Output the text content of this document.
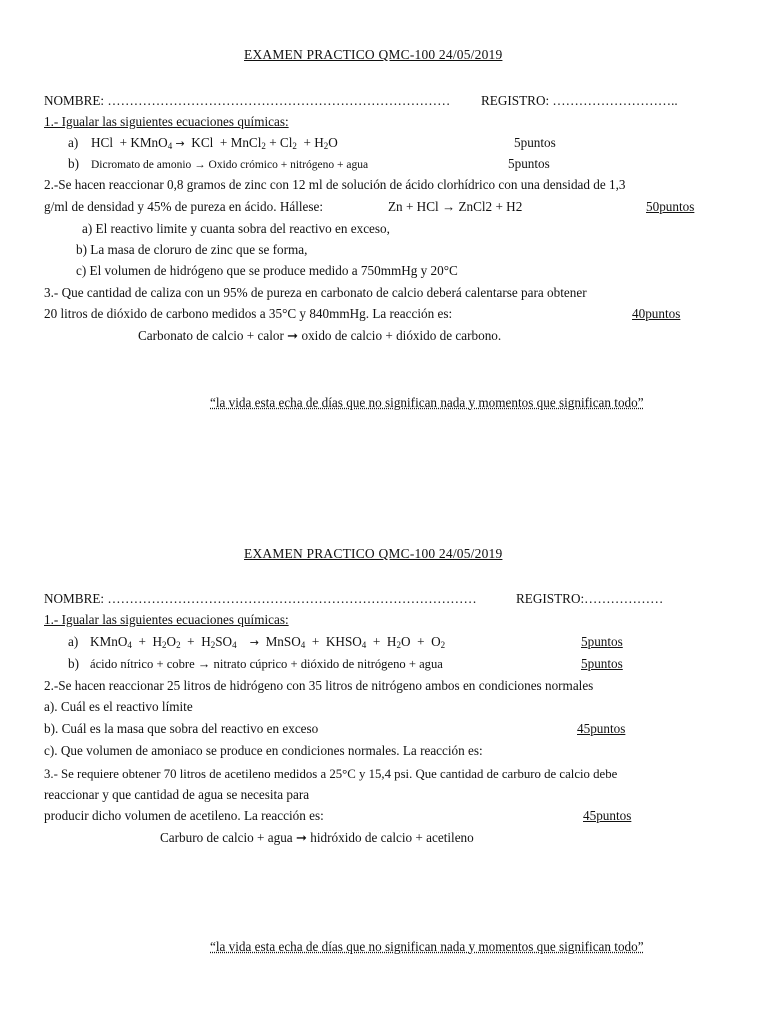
EXAMEN PRACTICO QMC-100 24/05/2019
NOMBRE: …………………………………………………………………… REGISTRO: ………………………..
1.- Igualar las siguientes ecuaciones químicas:
a) HCl + KMnO$_4$ → KCl + MnCl$_2$ + $Cl_2 + H_2O$	5puntos
b) Dicromato de amonio → Oxido crómico + nitrógeno + agua	5puntos
2.-Se hacen reaccionar 0,8 gramos de zinc con 12 ml de solución de ácido clorhídrico con una densidad de 1,3
g/ml de densidad y 45% de pureza en ácido. Hállese:	Zn + HCl → ZnCl2 + H2	50puntos
a) El reactivo limite y cuanta sobra del reactivo en exceso,
b) La masa de cloruro de zinc que se forma,
c) El volumen de hidrógeno que se produce medido a 750mmHg y 20°C
3.- Que cantidad de caliza con un 95% de pureza en carbonato de calcio deberá calentarse para obtener
20 litros de dióxido de carbono medidos a 35°C y 840mmHg. La reacción es:	40puntos
Carbonato de calcio + calor ➞ oxido de calcio + dióxido de carbono.
“la vida esta echa de días que no significan nada y momentos que significan todo”
EXAMEN PRACTICO QMC-100 24/05/2019
NOMBRE: …………………………………………………………………………	REGISTRO:………………
1.- Igualar las siguientes ecuaciones químicas:
a) KMnO$_4$ + $H_2O_2 + H_2SO_4$ → MnSO$_4$ + $KHSO_4 + H_2O + O_2$	5puntos
b) ácido nítrico + cobre → nitrato cúprico + dióxido de nitrógeno + agua	5puntos
2.-Se hacen reaccionar 25 litros de hidrógeno con 35 litros de nitrógeno ambos en condiciones normales
a). Cuál es el reactivo límite
b). Cuál es la masa que sobra del reactivo en exceso	45puntos
c). Que volumen de amoniaco se produce en condiciones normales. La reacción es:
3.- Se requiere obtener 70 litros de acetileno medidos a 25°C y 15,4 psi. Que cantidad de carburo de calcio debe
reaccionar y que cantidad de agua se necesita para
producir dicho volumen de acetileno. La reacción es:	45puntos
Carburo de calcio + agua ➞ hidróxido de calcio + acetileno
“la vida esta echa de días que no significan nada y momentos que significan todo”
